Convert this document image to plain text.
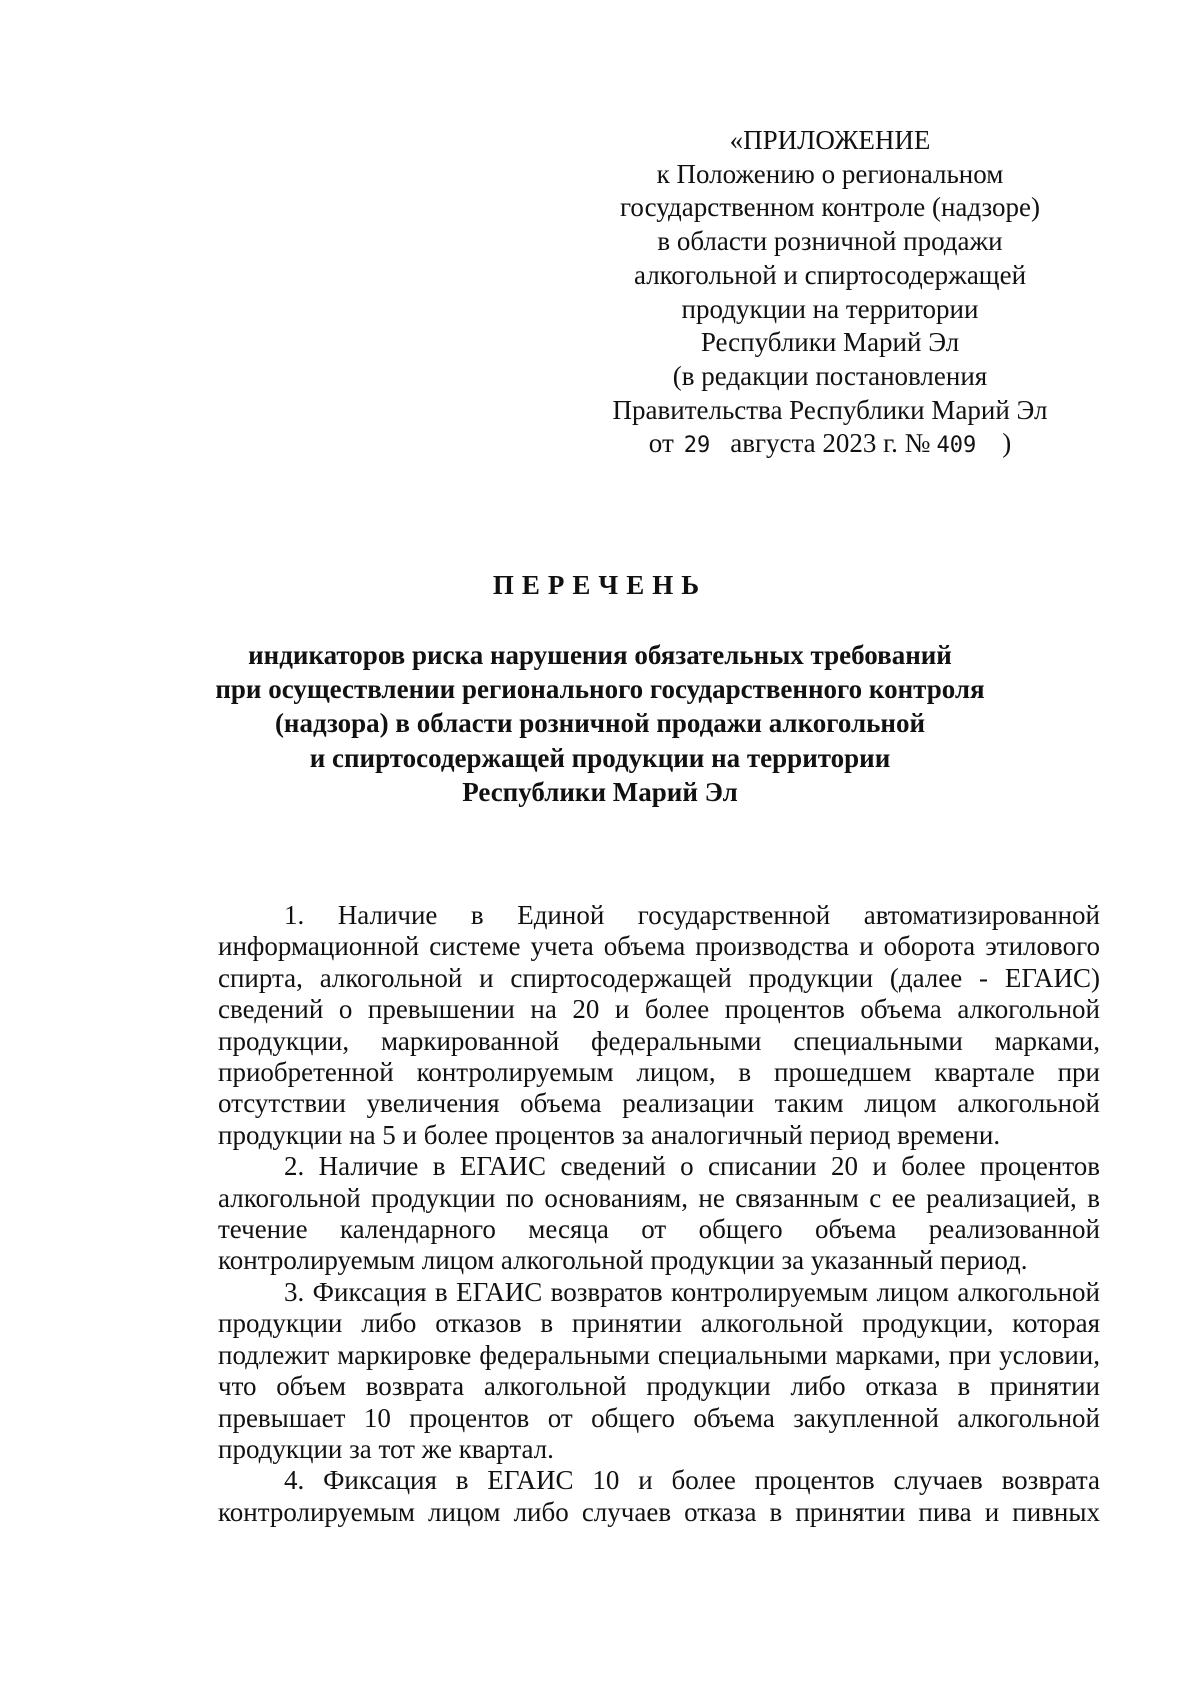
«ПРИЛОЖЕНИЕ
к Положению о региональном
государственном контроле (надзоре)
в области розничной продажи
алкогольной и спиртосодержащей
продукции на территории
Республики Марий Эл
(в редакции постановления
Правительства Республики Марий Эл
от 29 августа 2023 г. № 409 )
ПЕРЕЧЕНЬ
индикаторов риска нарушения обязательных требований
при осуществлении регионального государственного контроля
(надзора) в области розничной продажи алкогольной
и спиртосодержащей продукции на территории
Республики Марий Эл

1. Наличие в Единой государственной автоматизированной информационной системе учета объема производства и оборота этилового спирта, алкогольной и спиртосодержащей продукции (далее - ЕГАИС) сведений о превышении на 20 и более процентов объема алкогольной продукции, маркированной федеральными специальными марками, приобретенной контролируемым лицом, в прошедшем квартале при отсутствии увеличения объема реализации таким лицом алкогольной продукции на 5 и более процентов за аналогичный период времени.

2. Наличие в ЕГАИС сведений о списании 20 и более процентов алкогольной продукции по основаниям, не связанным с ее реализацией, в течение календарного месяца от общего объема реализованной контролируемым лицом алкогольной продукции за указанный период.

3. Фиксация в ЕГАИС возвратов контролируемым лицом алкогольной продукции либо отказов в принятии алкогольной продукции, которая подлежит маркировке федеральными специальными марками, при условии, что объем возврата алкогольной продукции либо отказа в принятии превышает 10 процентов от общего объема закупленной алкогольной продукции за тот же квартал.

4. Фиксация в ЕГАИС 10 и более процентов случаев возврата контролируемым лицом либо случаев отказа в принятии пива и пивных
